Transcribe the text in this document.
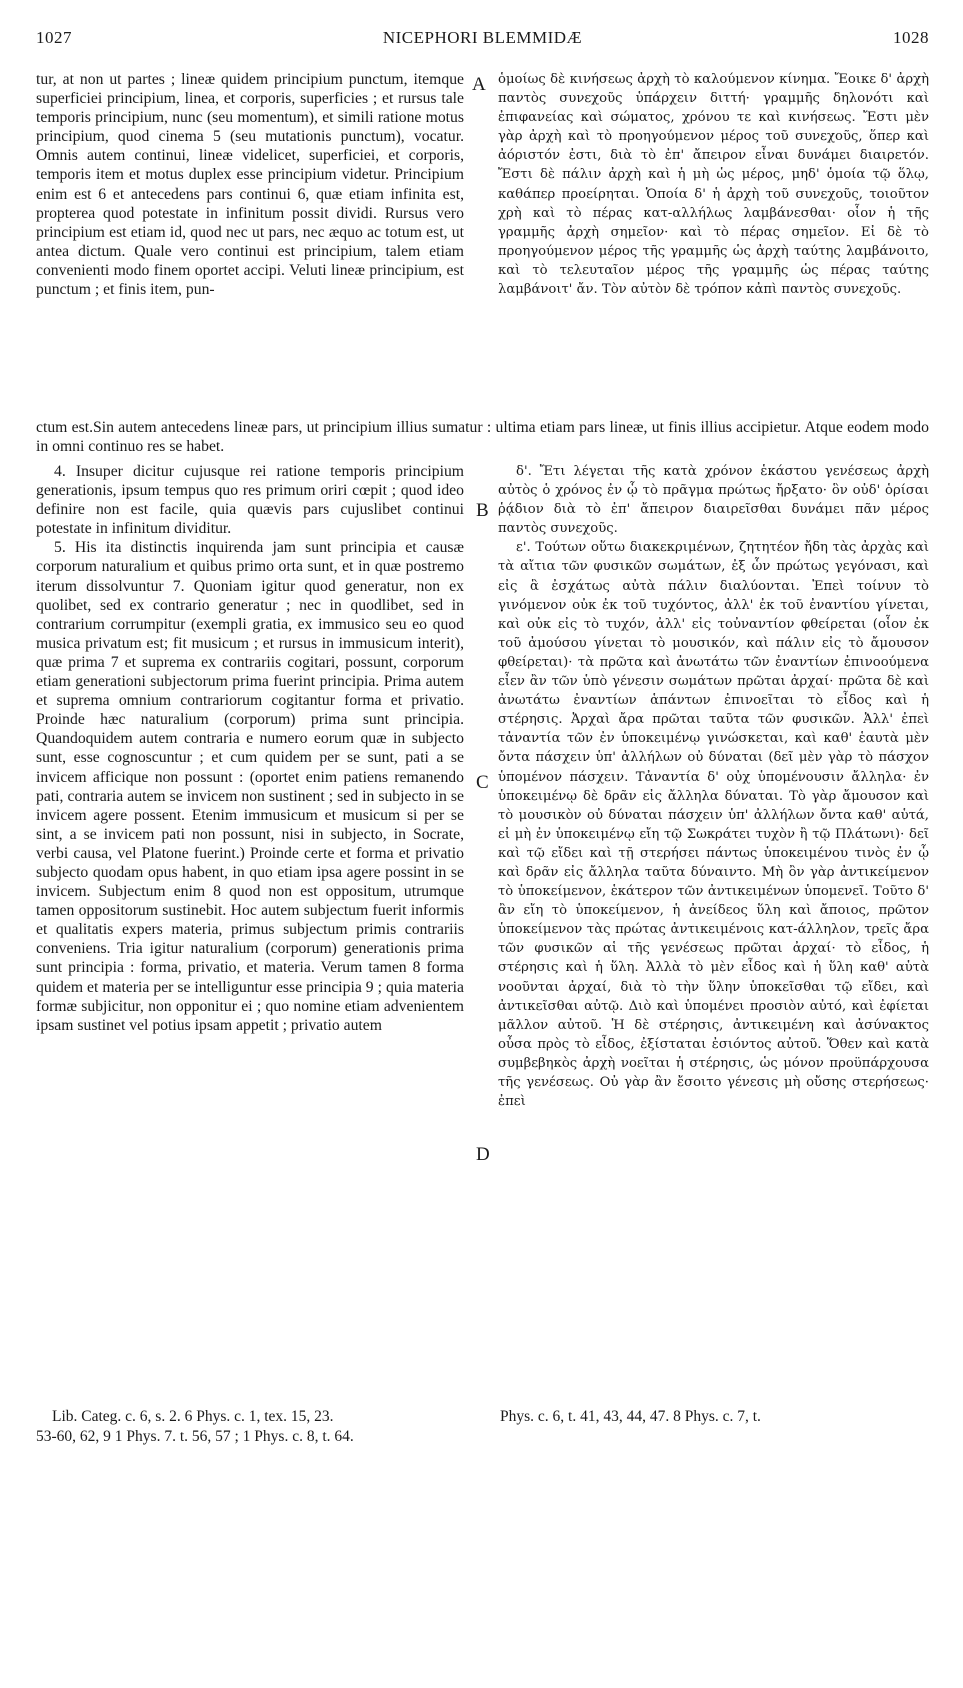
1027	NICEPHORI BLEMMIDÆ	1028

tur, at non ut partes ; lineæ quidem principium punctum, itemque superficiei principium, linea, et corporis, superficies ; et rursus tale temporis principium, nunc (seu momentum), et simili ratione motus principium, quod cinema 5 (seu mutationis punctum), vocatur. Omnis autem continui, lineæ videlicet, superficiei, et corporis, temporis item et motus duplex esse principium videtur. Principium enim est 6 et antecedens pars continui 6, quæ etiam infinita est, propterea quod potestate in infinitum possit dividi. Rursus vero principium est etiam id, quod nec ut pars, nec æquo ac totum est, ut antea dictum. Quale vero continui est principium, talem etiam convenienti modo finem oportet accipi. Veluti lineæ principium, est punctum ; et finis item, pun-

A ὁμοίως δὲ κινήσεως ἀρχὴ τὸ καλούμενον κίνημα. Ἔοικε δ' ἀρχὴ παντὸς συνεχοῦς ὑπάρχειν διττή· γραμμῆς δηλονότι καὶ ἐπιφανείας καὶ σώματος, χρόνου τε καὶ κινήσεως. Ἔστι μὲν γὰρ ἀρχὴ καὶ τὸ προηγούμενον μέρος τοῦ συνεχοῦς, ὅπερ καὶ ἀόριστόν ἐστι, διὰ τὸ ἐπ' ἄπειρον εἶναι δυνάμει διαιρετόν. Ἔστι δὲ πάλιν ἀρχὴ καὶ ἡ μὴ ὡς μέρος, μηδ' ὁμοία τῷ ὅλῳ, καθάπερ προείρηται. Ὁποία δ' ἡ ἀρχὴ τοῦ συνεχοῦς, τοιοῦτον χρὴ καὶ τὸ πέρας κατ-αλλήλως λαμβάνεσθαι· οἷον ἡ τῆς γραμμῆς ἀρχὴ σημεῖον· καὶ τὸ πέρας σημεῖον. Εἰ δὲ τὸ προηγούμενον μέρος τῆς γραμμῆς ὡς ἀρχὴ ταύτης λαμβάνοιτο, καὶ τὸ τελευταῖον μέρος τῆς γραμμῆς ὡς πέρας ταύτης λαμβάνοιτ' ἄν. Τὸν αὐτὸν δὲ τρόπον κἀπὶ παντὸς συνεχοῦς.

ctum est.Sin autem antecedens lineæ pars, ut principium illius sumatur : ultima etiam pars lineæ, ut finis illius accipietur. Atque eodem modo in omni continuo res se habet.

4. Insuper dicitur cujusque rei ratione temporis principium generationis, ipsum tempus quo res primum oriri cœpit ; quod ideo definire non est facile, quia quævis pars cujuslibet continui potestate in infinitum dividitur.

5. His ita distinctis inquirenda jam sunt principia et causæ corporum naturalium et quibus primo orta sunt, et in quæ postremo iterum dissolvuntur 7. Quoniam igitur quod generatur, non ex quolibet, sed ex contrario generatur ; nec in quodlibet, sed in contrarium corrumpitur (exempli gratia, ex immusico seu eo quod musica privatum est; fit musicum ; et rursus in immusicum interit), quæ prima 7 et suprema ex contrariis cogitari, possunt, corporum etiam generationi subjectorum prima fuerint principia. Prima autem et suprema omnium contrariorum cogitantur forma et privatio. Proinde hæc naturalium (corporum) prima sunt principia. Quandoquidem autem contraria e numero eorum quæ in subjecto sunt, esse cognoscuntur ; et cum quidem per se sunt, pati a se invicem afficique non possunt : (oportet enim patiens remanendo pati, contraria autem se invicem non sustinent ; sed in subjecto in se invicem agere possent. Etenim immusicum et musicum si per se sint, a se invicem pati non possunt, nisi in subjecto, in Socrate, verbi causa, vel Platone fuerint.) Proinde certe et forma et privatio subjecto quodam opus habent, in quo etiam ipsa agere possint in se invicem. Subjectum enim 8 quod non est oppositum, utrumque tamen oppositorum sustinebit. Hoc autem subjectum fuerit informis et qualitatis expers materia, primus subjectum primis contrariis conveniens. Tria igitur naturalium (corporum) generationis prima sunt principia : forma, privatio, et materia. Verum tamen 8 forma quidem et materia per se intelliguntur esse principia 9 ; quia materia formæ subjicitur, non opponitur ei ; quo nomine etiam advenientem ipsam sustinet vel potius ipsam appetit ; privatio autem

B
C
D

δ'. Ἔτι λέγεται τῆς κατὰ χρόνον ἑκάστου γενέσεως ἀρχὴ αὐτὸς ὁ χρόνος ἐν ᾧ τὸ πρᾶγμα πρώτως ἤρξατο· ὃν οὐδ' ὁρίσαι ῥᾴδιον διὰ τὸ ἐπ' ἄπειρον διαιρεῖσθαι δυνάμει πᾶν μέρος παντὸς συνεχοῦς.

ε'. Τούτων οὕτω διακεκριμένων, ζητητέον ἤδη τὰς ἀρχὰς καὶ τὰ αἴτια τῶν φυσικῶν σωμάτων, ἐξ ὧν πρώτως γεγόνασι, καὶ εἰς ἃ ἐσχάτως αὐτὰ πάλιν διαλύονται. Ἐπεὶ τοίνυν τὸ γινόμενον οὐκ ἐκ τοῦ τυχόντος, ἀλλ' ἐκ τοῦ ἐναντίου γίνεται, καὶ οὐκ εἰς τὸ τυχόν, ἀλλ' εἰς τοὐναντίον φθείρεται (οἷον ἐκ τοῦ ἀμούσου γίνεται τὸ μουσικόν, καὶ πάλιν εἰς τὸ ἄμουσον φθείρεται)· τὰ πρῶτα καὶ ἀνωτάτω τῶν ἐναντίων ἐπινοούμενα εἶεν ἂν τῶν ὑπὸ γένεσιν σωμάτων πρῶται ἀρχαί· πρῶτα δὲ καὶ ἀνωτάτω ἐναντίων ἁπάντων ἐπινοεῖται τὸ εἶδος καὶ ἡ στέρησις. Ἀρχαὶ ἄρα πρῶται ταῦτα τῶν φυσικῶν. Ἀλλ' ἐπεὶ τἀναντία τῶν ἐν ὑποκειμένῳ γινώσκεται, καὶ καθ' ἑαυτὰ μὲν ὄντα πάσχειν ὑπ' ἀλλήλων οὐ δύναται (δεῖ μὲν γὰρ τὸ πάσχον ὑπομένον πάσχειν. Τἀναντία δ' οὐχ ὑπομένουσιν ἄλληλα· ἐν ὑποκειμένῳ δὲ δρᾶν εἰς ἄλληλα δύναται. Τὸ γὰρ ἄμουσον καὶ τὸ μουσικὸν οὐ δύναται πάσχειν ὑπ' ἀλλήλων ὄντα καθ' αὑτά, εἰ μὴ ἐν ὑποκειμένῳ εἴη τῷ Σωκράτει τυχὸν ἢ τῷ Πλάτωνι)· δεῖ καὶ τῷ εἴδει καὶ τῇ στερήσει πάντως ὑποκειμένου τινὸς ἐν ᾧ καὶ δρᾶν εἰς ἄλληλα ταῦτα δύναιντο. Μὴ ὂν γὰρ ἀντικείμενον τὸ ὑποκείμενον, ἑκάτερον τῶν ἀντικειμένων ὑπομενεῖ. Τοῦτο δ' ἂν εἴη τὸ ὑποκείμενον, ἡ ἀνείδεος ὕλη καὶ ἄποιος, πρῶτον ὑποκείμενον τὰς πρώτας ἀντικειμένοις κατ-άλληλον, τρεῖς ἄρα τῶν φυσικῶν αἱ τῆς γενέσεως πρῶται ἀρχαί· τὸ εἶδος, ἡ στέρησις καὶ ἡ ὕλη. Ἀλλὰ τὸ μὲν εἶδος καὶ ἡ ὕλη καθ' αὑτὰ νοοῦνται ἀρχαί, διὰ τὸ τὴν ὕλην ὑποκεῖσθαι τῷ εἴδει, καὶ ἀντικεῖσθαι αὐτῷ. Διὸ καὶ ὑπομένει προσιὸν αὐτό, καὶ ἐφίεται μᾶλλον αὐτοῦ. Ἡ δὲ στέρησις, ἀντικειμένη καὶ ἀσύνακτος οὖσα πρὸς τὸ εἶδος, ἐξίσταται ἐσιόντος αὐτοῦ. Ὅθεν καὶ κατὰ συμβεβηκὸς ἀρχὴ νοεῖται ἡ στέρησις, ὡς μόνον προϋπάρχουσα τῆς γενέσεως. Οὐ γὰρ ἂν ἔσοιτο γένεσις μὴ οὔσης στερήσεως· ἐπεὶ

Lib. Categ. c. 6, s. 2. 6 Phys. c. 1, tex. 15, 23.	Phys. c. 6, t. 41, 43, 44, 47. 8 Phys. c. 7, t.
53-60, 62, 9 1 Phys. 7. t. 56, 57 ; 1 Phys. c. 8, t. 64.
